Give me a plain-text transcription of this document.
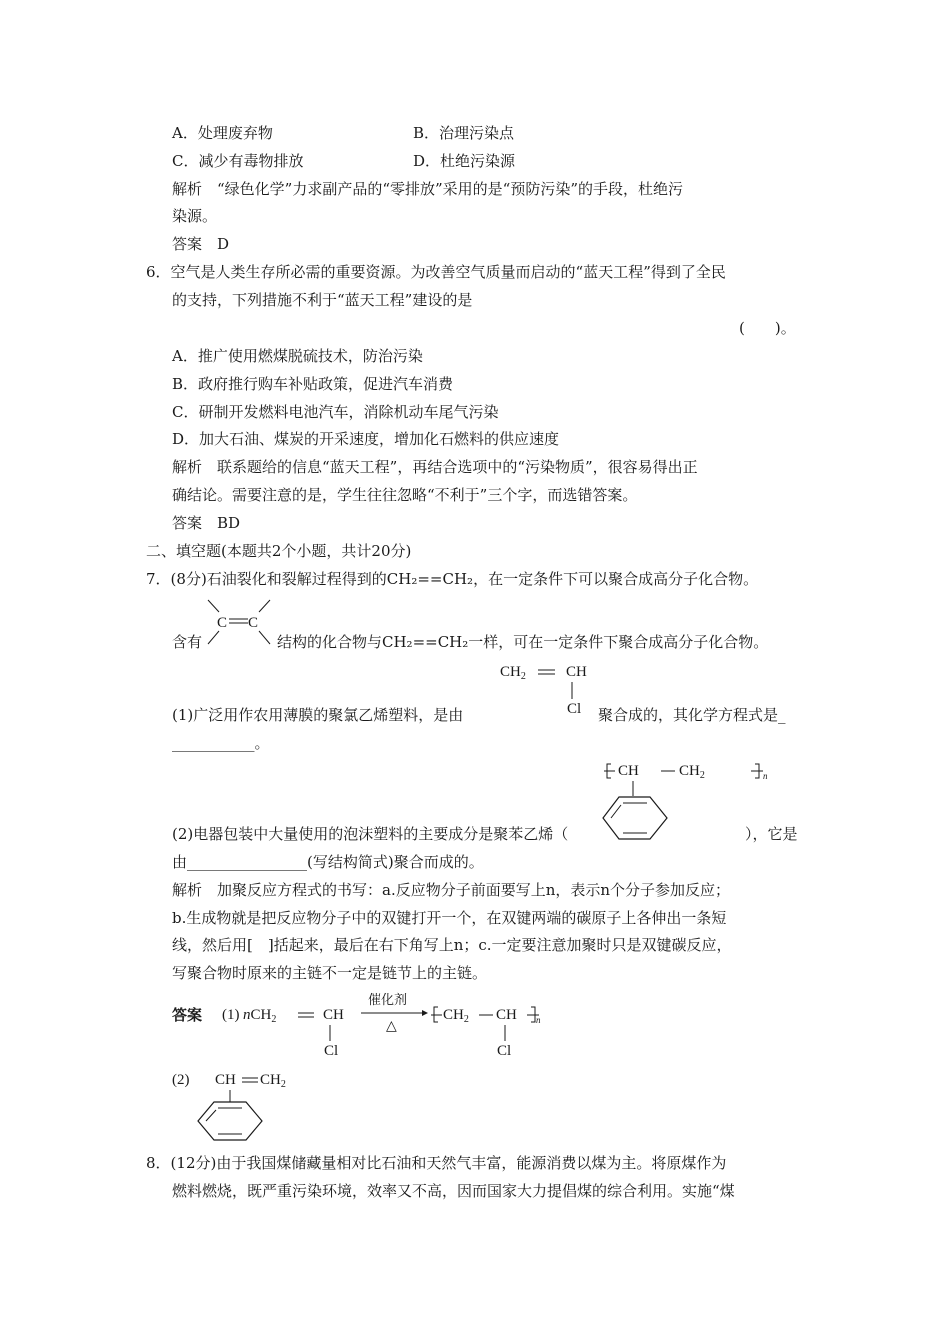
A．处理废弃物	B．治理污染点
C．减少有毒物排放	D．杜绝污染源
解析　“绿色化学”力求副产品的“零排放”采用的是“预防污染”的手段，杜绝污
染源。
答案　D
6．空气是人类生存所必需的重要资源。为改善空气质量而启动的“蓝天工程”得到了全民
的支持，下列措施不利于“蓝天工程”建设的是
(　　)。
A．推广使用燃煤脱硫技术，防治污染
B．政府推行购车补贴政策，促进汽车消费
C．研制开发燃料电池汽车，消除机动车尾气污染
D．加大石油、煤炭的开采速度，增加化石燃料的供应速度
解析　联系题给的信息“蓝天工程”，再结合选项中的“污染物质”，很容易得出正
确结论。需要注意的是，学生往往忽略“不利于”三个字，而选错答案。
答案　BD
二、填空题(本题共2个小题，共计20分)
7．(8分)石油裂化和裂解过程得到的CH₂==CH₂，在一定条件下可以聚合成高分子化合物。
C C
含有	结构的化合物与CH₂==CH₂一样，可在一定条件下聚合成高分子化合物。
$CH_2$	CH
Cl
(1)广泛用作农用薄膜的聚氯乙烯塑料，是由	聚合成的，其化学方程式是_
___________。
CH	$CH_2$	n
(2)电器包装中大量使用的泡沫塑料的主要成分是聚苯乙烯（	），它是
由________________(写结构简式)聚合而成的。
解析　加聚反应方程式的书写：a.反应物分子前面要写上n，表示n个分子参加反应；
b.生成物就是把反应物分子中的双键打开一个，在双键两端的碳原子上各伸出一条短
线，然后用[　]括起来，最后在右下角写上n；c.一定要注意加聚时只是双键碳反应，
写聚合物时原来的主链不一定是链节上的主链。
答案 (1) nCH$_2$	CH
Cl
催化剂
△
$CH_2$ CH
Cl
n
(2) CH $CH_2$
8．(12分)由于我国煤储藏量相对比石油和天然气丰富，能源消费以煤为主。将原煤作为
燃料燃烧，既严重污染环境，效率又不高，因而国家大力提倡煤的综合利用。实施“煤
